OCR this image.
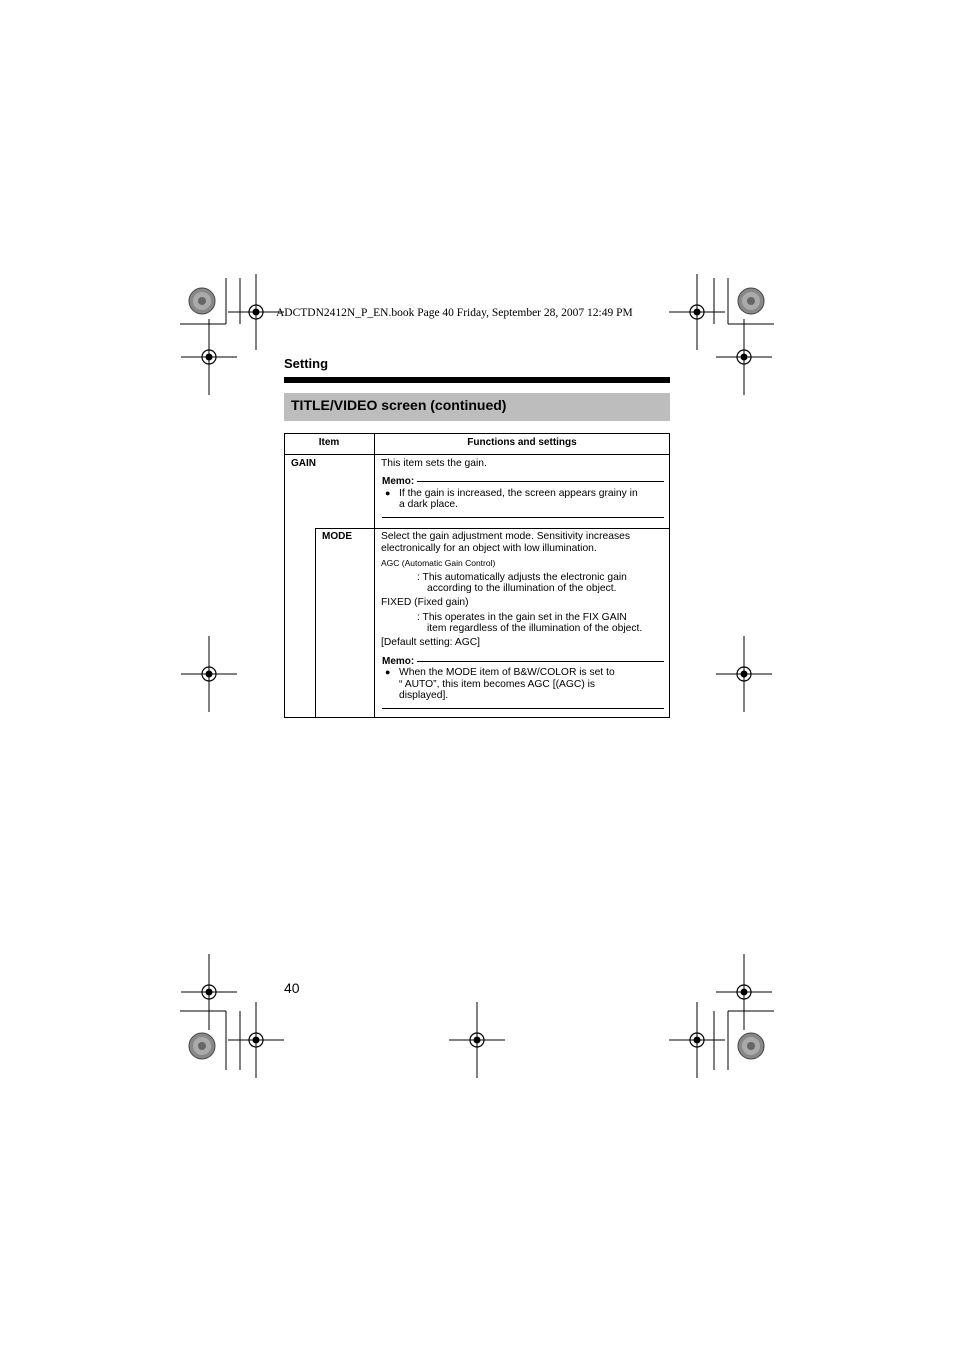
ADCTDN2412N_P_EN.book Page 40 Friday, September 28, 2007 12:49 PM
Setting
TITLE/VIDEO screen (continued)
Item	Functions and settings
GAIN	This item sets the gain.
Memo:
● If the gain is increased, the screen appears grainy in
a dark place.
MODE	Select the gain adjustment mode. Sensitivity increases
electronically for an object with low illumination.
AGC (Automatic Gain Control)
: This automatically adjusts the electronic gain
according to the illumination of the object.
FIXED (Fixed gain)
: This operates in the gain set in the FIX GAIN
item regardless of the illumination of the object.
[Default setting: AGC]
Memo:
● When the MODE item of B&W/COLOR is set to
“ AUTO”, this item becomes AGC [(AGC) is
displayed].
40
